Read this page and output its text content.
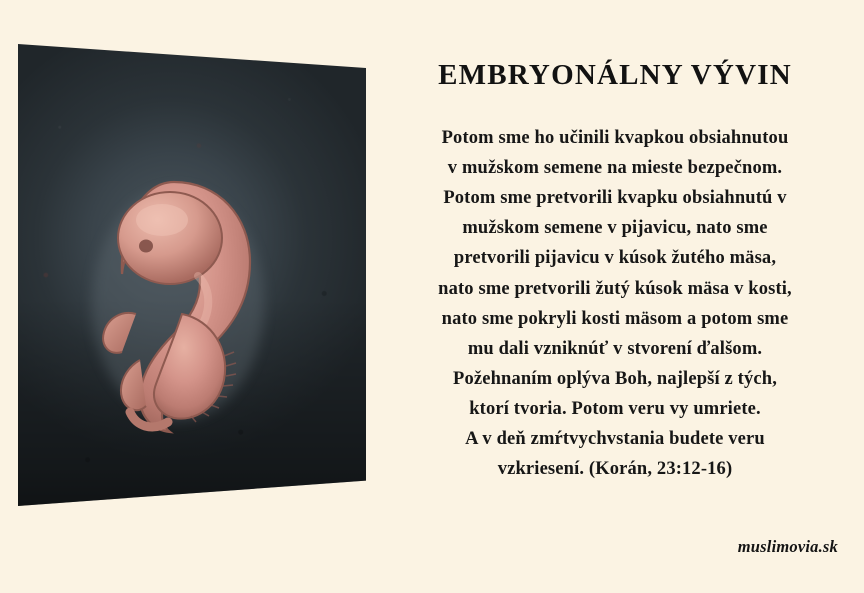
EMBRYONÁLNY VÝVIN
Potom sme ho učinili kvapkou obsiahnutou
v mužskom semene na mieste bezpečnom.
Potom sme pretvorili kvapku obsiahnutú v
mužskom semene v pijavicu, nato sme
pretvorili pijavicu v kúsok žutého mäsa,
nato sme pretvorili žutý kúsok mäsa v kosti,
nato sme pokryli kosti mäsom a potom sme
mu dali vzniknúť v stvorení ďalšom.
Požehnaním oplýva Boh, najlepší z tých,
ktorí tvoria. Potom veru vy umriete.
A v deň zmŕtvychvstania budete veru
vzkriesení. (Korán, 23:12-16)
muslimovia.sk
